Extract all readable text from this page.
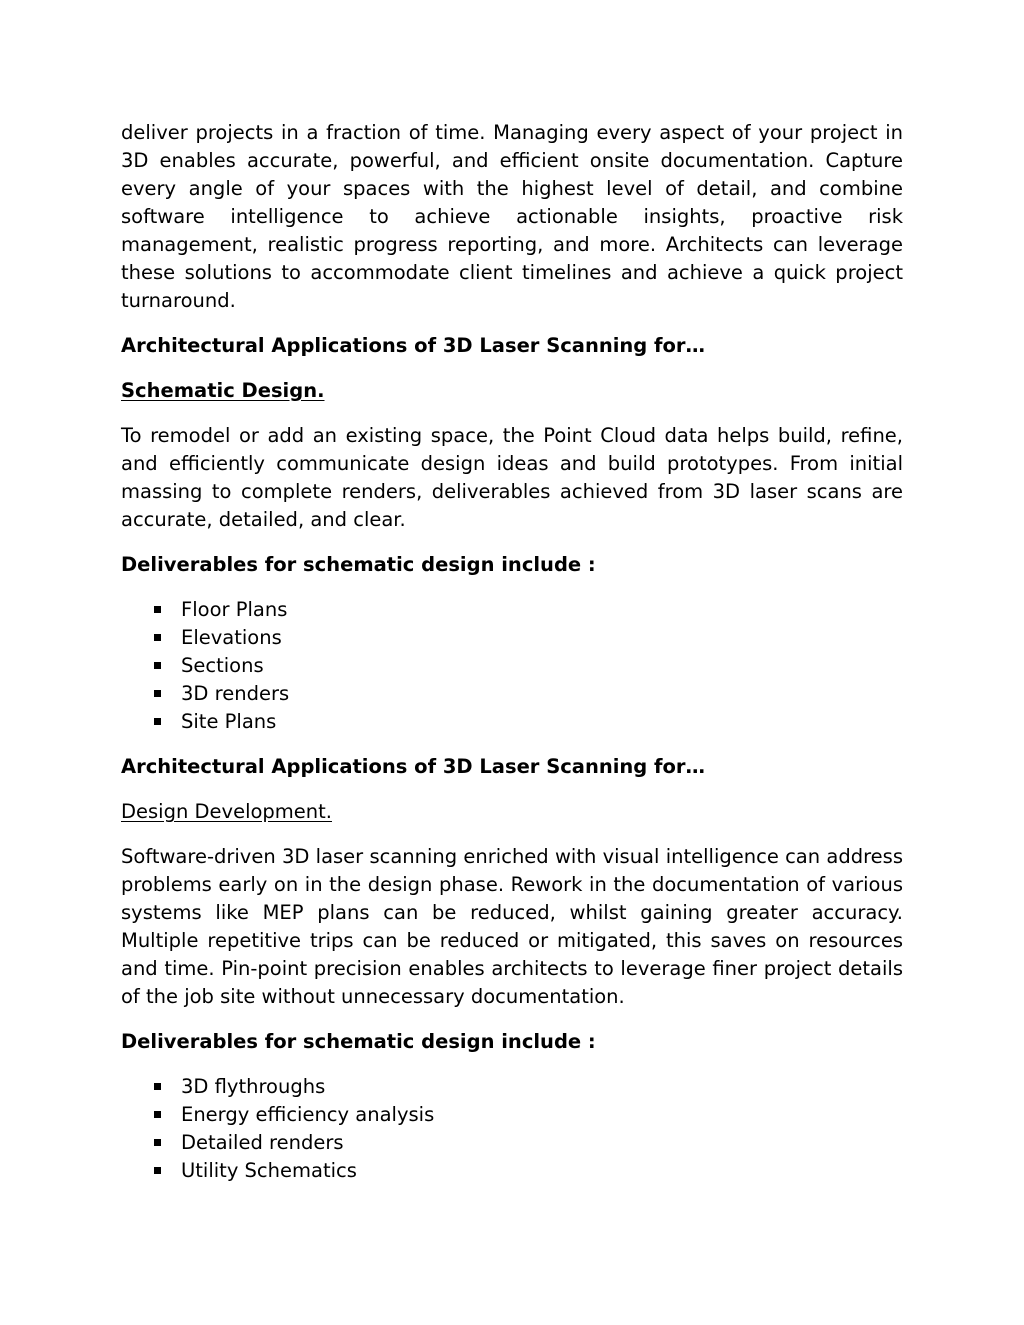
deliver projects in a fraction of time. Managing every aspect of your project in 3D enables accurate, powerful, and efficient onsite documentation. Capture every angle of your spaces with the highest level of detail, and combine software intelligence to achieve actionable insights, proactive risk management, realistic progress reporting, and more. Architects can leverage these solutions to accommodate client timelines and achieve a quick project turnaround.

Architectural Applications of 3D Laser Scanning for…

Schematic Design.

To remodel or add an existing space, the Point Cloud data helps build, refine, and efficiently communicate design ideas and build prototypes. From initial massing to complete renders, deliverables achieved from 3D laser scans are accurate, detailed, and clear.

Deliverables for schematic design include :

Floor Plans
Elevations
Sections
3D renders
Site Plans

Architectural Applications of 3D Laser Scanning for…

Design Development.

Software-driven 3D laser scanning enriched with visual intelligence can address problems early on in the design phase. Rework in the documentation of various systems like MEP plans can be reduced, whilst gaining greater accuracy. Multiple repetitive trips can be reduced or mitigated, this saves on resources and time. Pin-point precision enables architects to leverage finer project details of the job site without unnecessary documentation.

Deliverables for schematic design include :

3D flythroughs
Energy efficiency analysis
Detailed renders
Utility Schematics
